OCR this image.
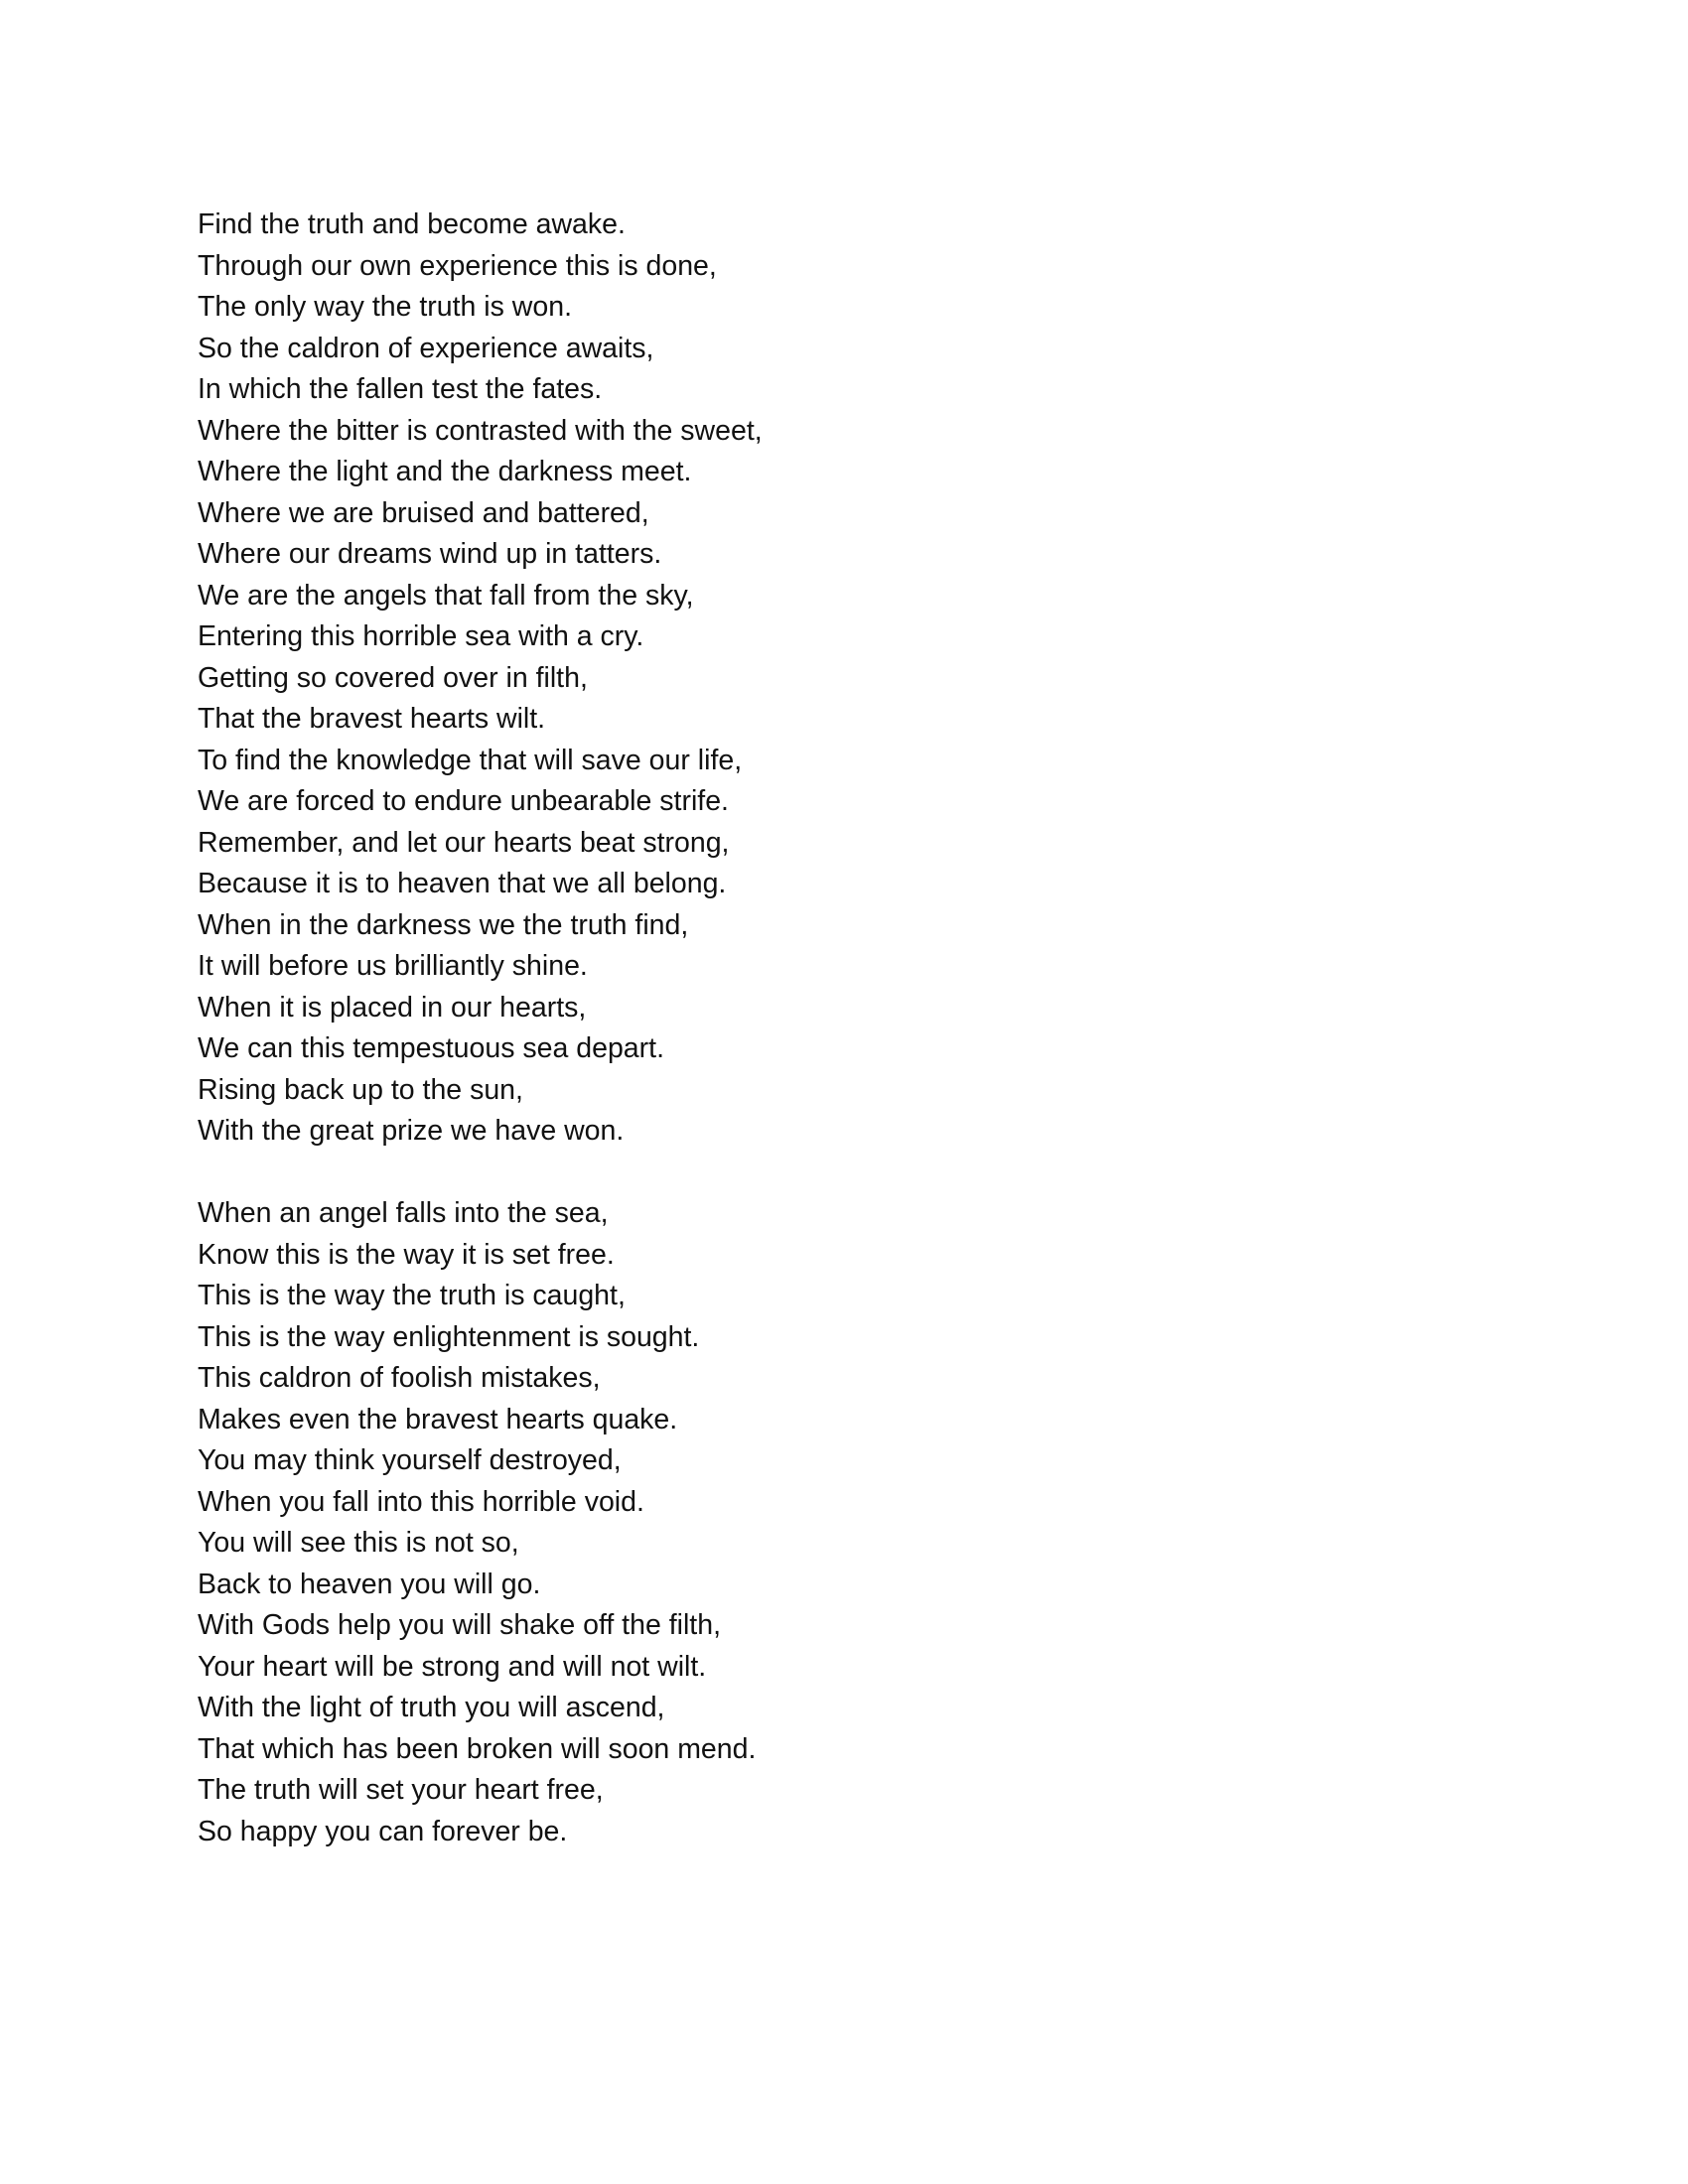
Find the truth and become awake.
Through our own experience this is done,
The only way the truth is won.
So the caldron of experience awaits,
In which the fallen test the fates.
Where the bitter is contrasted with the sweet,
Where the light and the darkness meet.
Where we are bruised and battered,
Where our dreams wind up in tatters.
We are the angels that fall from the sky,
Entering this horrible sea with a cry.
Getting so covered over in filth,
That the bravest hearts wilt.
To find the knowledge that will save our life,
We are forced to endure unbearable strife.
Remember, and let our hearts beat strong,
Because it is to heaven that we all belong.
When in the darkness we the truth find,
It will before us brilliantly shine.
When it is placed in our hearts,
We can this tempestuous sea depart.
Rising back up to the sun,
With the great prize we have won.

When an angel falls into the sea,
Know this is the way it is set free.
This is the way the truth is caught,
This is the way enlightenment is sought.
This caldron of foolish mistakes,
Makes even the bravest hearts quake.
You may think yourself destroyed,
When you fall into this horrible void.
You will see this is not so,
Back to heaven you will go.
With Gods help you will shake off the filth,
Your heart will be strong and will not wilt.
With the light of truth you will ascend,
That which has been broken will soon mend.
The truth will set your heart free,
So happy you can forever be.
